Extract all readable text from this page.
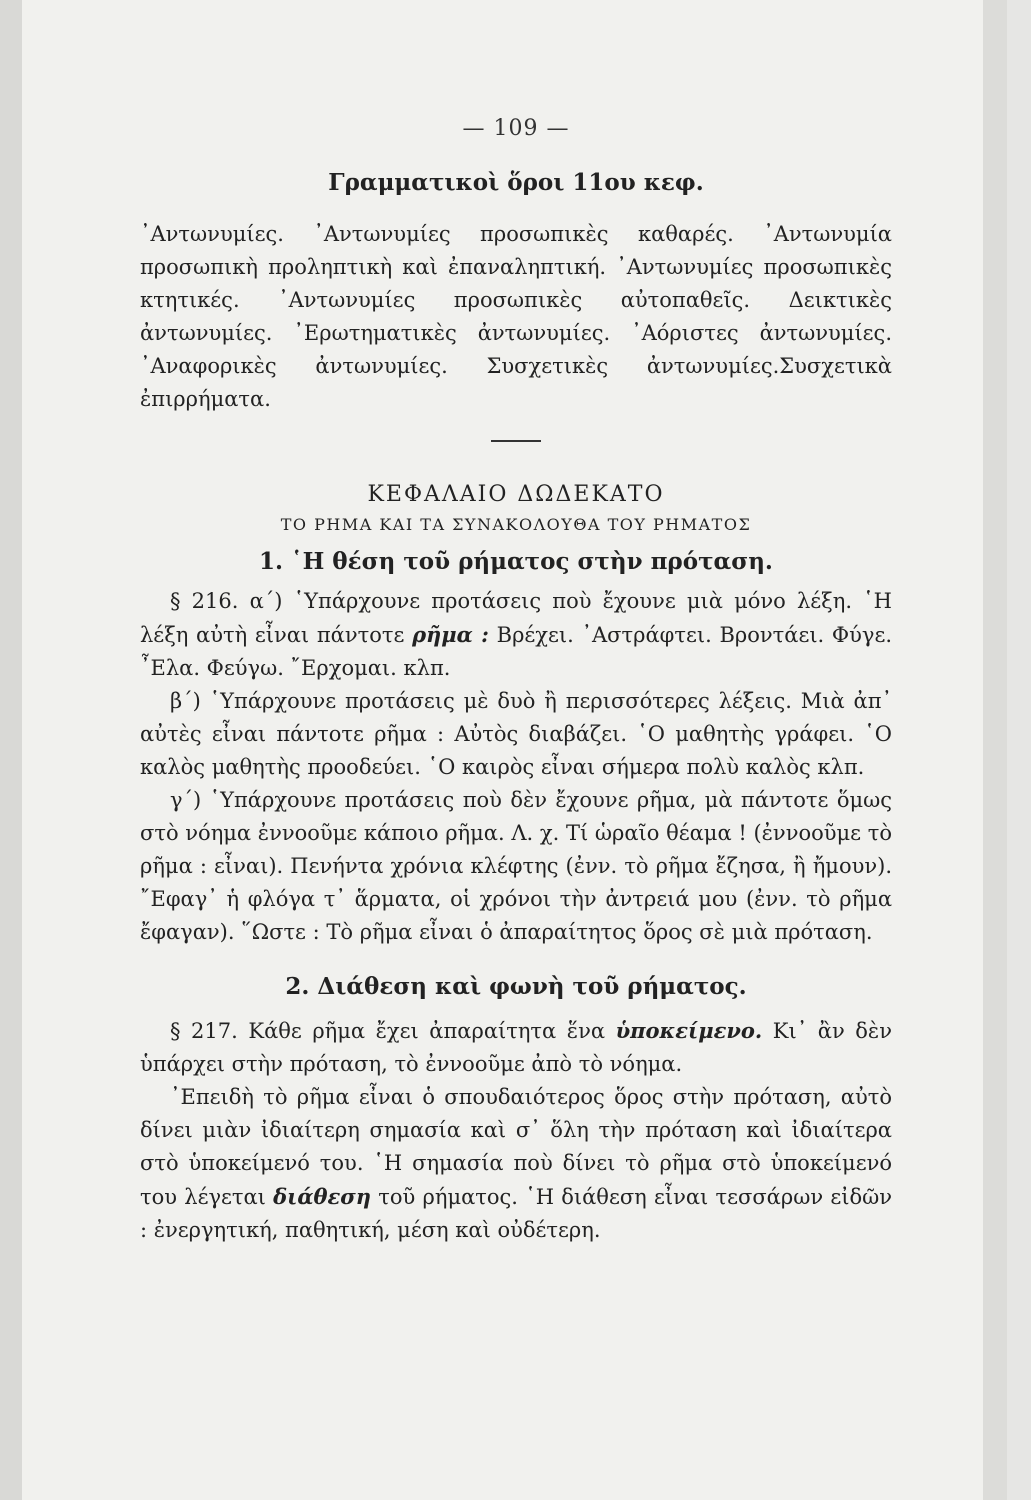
— 109 —
Γραμματικοὶ ὅροι 11ου κεφ.

᾿Αντωνυμίες. ᾿Αντωνυμίες προσωπικὲς καθαρές. ᾿Αντωνυμία προσωπικὴ προληπτικὴ καὶ ἐπαναληπτική. ᾿Αντωνυμίες προσωπικὲς κτητικές. ᾿Αντωνυμίες προσωπικὲς αὐτοπαθεῖς. Δεικτικὲς ἀντωνυμίες. ᾿Ερωτηματικὲς ἀντωνυμίες. ᾿Αόριστες ἀντωνυμίες. ᾿Αναφορικὲς ἀντωνυμίες. Συσχετικὲς ἀντωνυμίες.Συσχετικὰ ἐπιρρήματα.

ΚΕΦΑΛΑΙΟ ΔΩΔΕΚΑΤΟ
ΤΟ ΡΗΜΑ ΚΑΙ ΤΑ ΣΥΝΑΚΟΛΟΥΘΑ ΤΟΥ ΡΗΜΑΤΟΣ
1. ῾Η θέση τοῦ ρήματος στὴν πρόταση.

§ 216. α΄) ῾Υπάρχουνε προτάσεις ποὺ ἔχουνε μιὰ μόνο λέξη. ῾Η λέξη αὐτὴ εἶναι πάντοτε ρῆμα : Βρέχει. ᾿Αστράφτει. Βροντάει. Φύγε. ῏Ελα. Φεύγω. ῎Ερχομαι. κλπ.

β΄) ῾Υπάρχουνε προτάσεις μὲ δυὸ ἢ περισσότερες λέξεις. Μιὰ ἀπ᾿ αὐτὲς εἶναι πάντοτε ρῆμα : Αὐτὸς διαβάζει. ῾Ο μαθητὴς γράφει. ῾Ο καλὸς μαθητὴς προοδεύει. ῾Ο καιρὸς εἶναι σήμερα πολὺ καλὸς κλπ.

γ΄) ῾Υπάρχουνε προτάσεις ποὺ δὲν ἔχουνε ρῆμα, μὰ πάντοτε ὅμως στὸ νόημα ἐννοοῦμε κάποιο ρῆμα. Λ. χ. Τί ὡραῖο θέαμα ! (ἐννοοῦμε τὸ ρῆμα : εἶναι). Πενήντα χρόνια κλέφτης (ἐνν. τὸ ρῆμα ἔζησα, ἢ ἤμουν). ῎Εφαγ᾿ ἡ φλόγα τ᾿ ἅρματα, οἱ χρόνοι τὴν ἀντρειά μου (ἐνν. τὸ ρῆμα ἔφαγαν). ῞Ωστε : Τὸ ρῆμα εἶναι ὁ ἀπαραίτητος ὅρος σὲ μιὰ πρόταση.

2. Διάθεση καὶ φωνὴ τοῦ ρήματος.

§ 217. Κάθε ρῆμα ἔχει ἀπαραίτητα ἕνα ὑποκείμενο. Κι᾿ ἂν δὲν ὑπάρχει στὴν πρόταση, τὸ ἐννοοῦμε ἀπὸ τὸ νόημα.

᾿Επειδὴ τὸ ρῆμα εἶναι ὁ σπουδαιότερος ὅρος στὴν πρόταση, αὐτὸ δίνει μιὰν ἰδιαίτερη σημασία καὶ σ᾿ ὅλη τὴν πρόταση καὶ ἰδιαίτερα στὸ ὑποκείμενό του. ῾Η σημασία ποὺ δίνει τὸ ρῆμα στὸ ὑποκείμενό του λέγεται διάθεση τοῦ ρήματος. ῾Η διάθεση εἶναι τεσσάρων εἰδῶν : ἐνεργητική, παθητική, μέση καὶ οὐδέτερη.
